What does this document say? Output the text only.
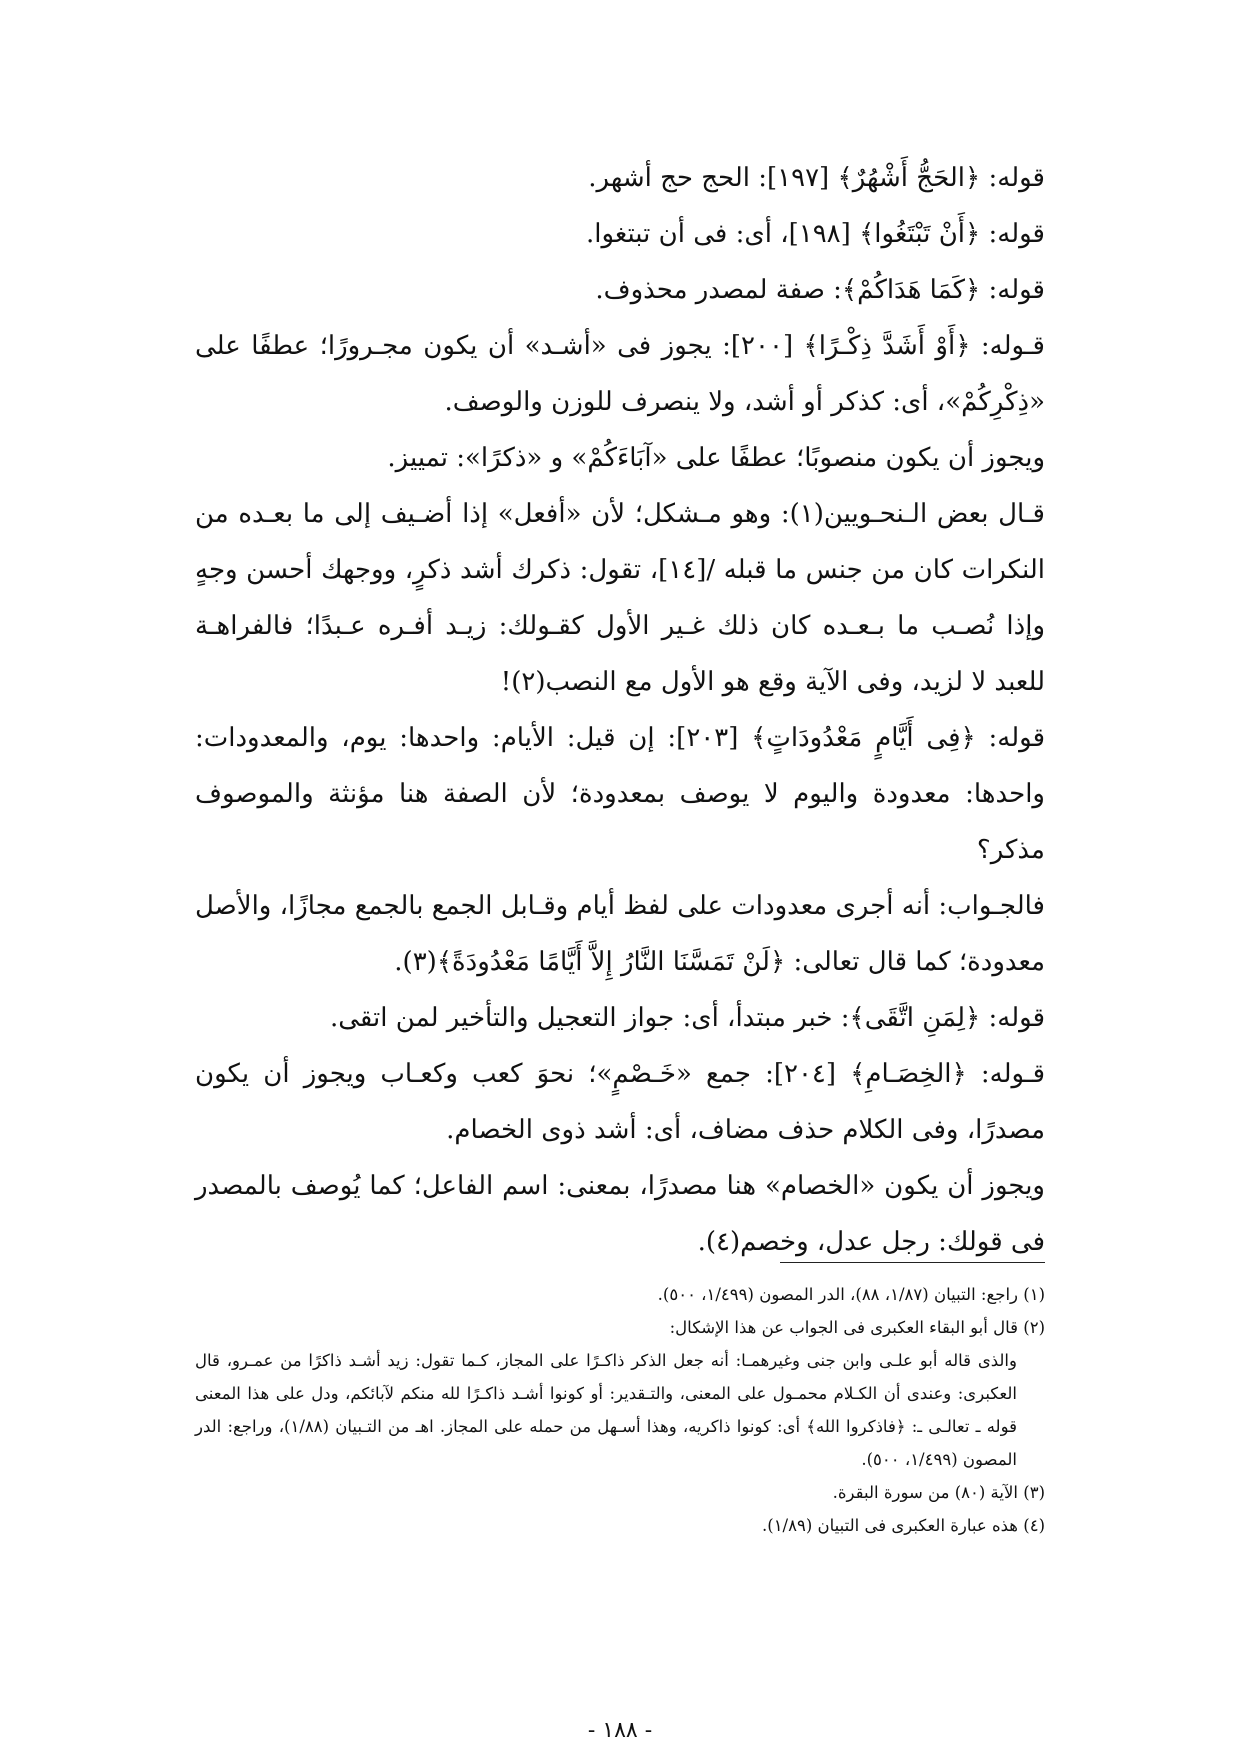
قوله: ﴿الحَجُّ أَشْهُرٌ﴾ [١٩٧]: الحج حج أشهر.

قوله: ﴿أَنْ تَبْتَغُوا﴾ [١٩٨]، أى: فى أن تبتغوا.

قوله: ﴿كَمَا هَدَاكُمْ﴾: صفة لمصدر محذوف.

قـوله: ﴿أَوْ أَشَدَّ ذِكْـرًا﴾ [٢٠٠]: يجوز فى «أشـد» أن يكون مجـرورًا؛ عطفًا على «ذِكْرِكُمْ»، أى: كذكر أو أشد، ولا ينصرف للوزن والوصف.

ويجوز أن يكون منصوبًا؛ عطفًا على «آبَاءَكُمْ» و «ذكرًا»: تمييز.

قـال بعض الـنحـويين(١): وهو مـشكل؛ لأن «أفعل» إذا أضـيف إلى ما بعـده من النكرات كان من جنس ما قبله /[١٤]، تقول: ذكرك أشد ذكرٍ، ووجهك أحسن وجهٍ وإذا نُصـب ما بـعـده كان ذلك غـير الأول كقـولك: زيـد أفـره عـبدًا؛ فالفراهـة للعبد لا لزيد، وفى الآية وقع هو الأول مع النصب(٢)!

قوله: ﴿فِى أَيَّامٍ مَعْدُودَاتٍ﴾ [٢٠٣]: إن قيل: الأيام: واحدها: يوم، والمعدودات: واحدها: معدودة واليوم لا يوصف بمعدودة؛ لأن الصفة هنا مؤنثة والموصوف مذكر؟

فالجـواب: أنه أجرى معدودات على لفظ أيام وقـابل الجمع بالجمع مجازًا، والأصل معدودة؛ كما قال تعالى: ﴿لَنْ تَمَسَّنَا النَّارُ إِلاَّ أَيَّامًا مَعْدُودَةً﴾(٣).

قوله: ﴿لِمَنِ اتَّقَى﴾: خبر مبتدأ، أى: جواز التعجيل والتأخير لمن اتقى.

قـوله: ﴿الخِصَـامِ﴾ [٢٠٤]: جمع «خَـصْمٍ»؛ نحوَ كعب وكعـاب ويجوز أن يكون مصدرًا، وفى الكلام حذف مضاف، أى: أشد ذوى الخصام.

ويجوز أن يكون «الخصام» هنا مصدرًا، بمعنى: اسم الفاعل؛ كما يُوصف بالمصدر فى قولك: رجل عدل، وخصم(٤).

(١) راجع: التبيان (١/٨٧، ٨٨)، الدر المصون (١/٤٩٩، ٥٠٠).

(٢) قال أبو البقاء العكبرى فى الجواب عن هذا الإشكال:

والذى قاله أبو علـى وابن جنى وغيرهمـا: أنه جعل الذكر ذاكـرًا على المجاز، كـما تقول: زيد أشـد ذاكرًا من عمـرو، قال العكبرى: وعندى أن الكـلام محمـول على المعنى، والتـقدير: أو كونوا أشـد ذاكـرًا لله منكم لآبائكم، ودل على هذا المعنى قوله ـ تعالـى ـ: ﴿فاذكروا الله﴾ أى: كونوا ذاكريه، وهذا أسـهل من حمله على المجاز. اهـ من التـبيان (١/٨٨)، وراجع: الدر المصون (١/٤٩٩، ٥٠٠).

(٣) الآية (٨٠) من سورة البقرة.

(٤) هذه عبارة العكبرى فى التبيان (١/٨٩).

- ١٨٨ -
